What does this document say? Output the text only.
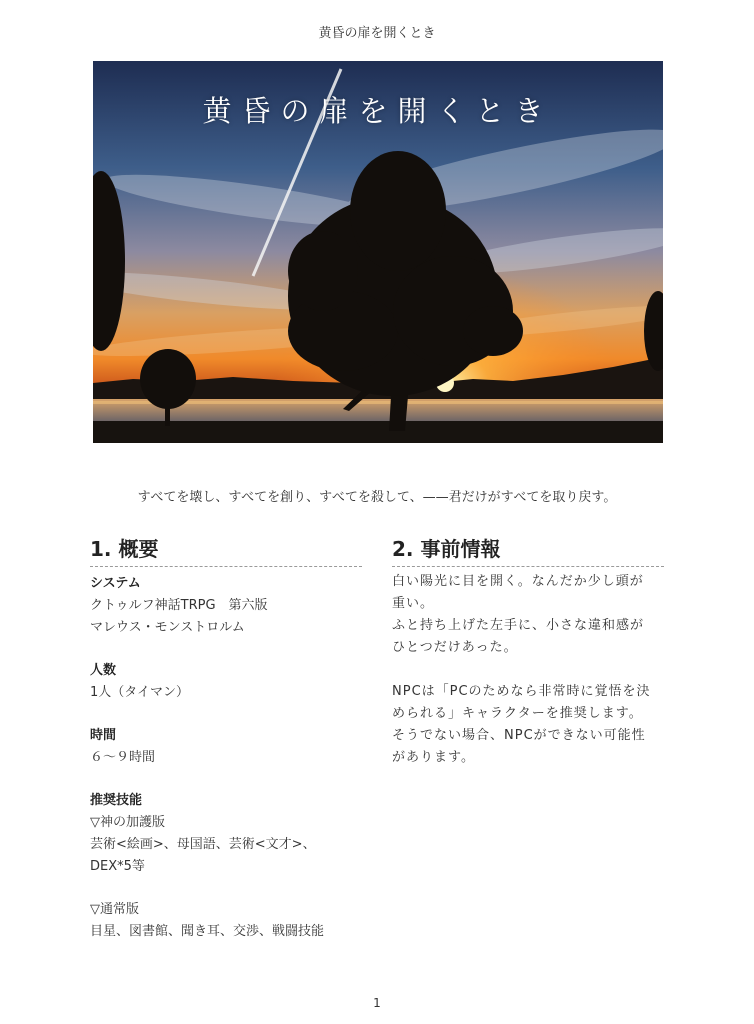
黄昏の扉を開くとき
黄昏の扉を開くとき
すべてを壊し、すべてを創り、すべてを殺して、——君だけがすべてを取り戻す。
1. 概要
システム
クトゥルフ神話TRPG　第六版
マレウス・モンストロルム
人数
1人（タイマン）
時間
６〜９時間
推奨技能
▽神の加護版
芸術<絵画>、母国語、芸術<文才>、
DEX*5等
▽通常版
目星、図書館、聞き耳、交渉、戦闘技能
2. 事前情報
白い陽光に目を開く。なんだか少し頭が
重い。
ふと持ち上げた左手に、小さな違和感が
ひとつだけあった。
NPCは「PCのためなら非常時に覚悟を決
められる」キャラクターを推奨します。
そうでない場合、NPCができない可能性
があります。
1
